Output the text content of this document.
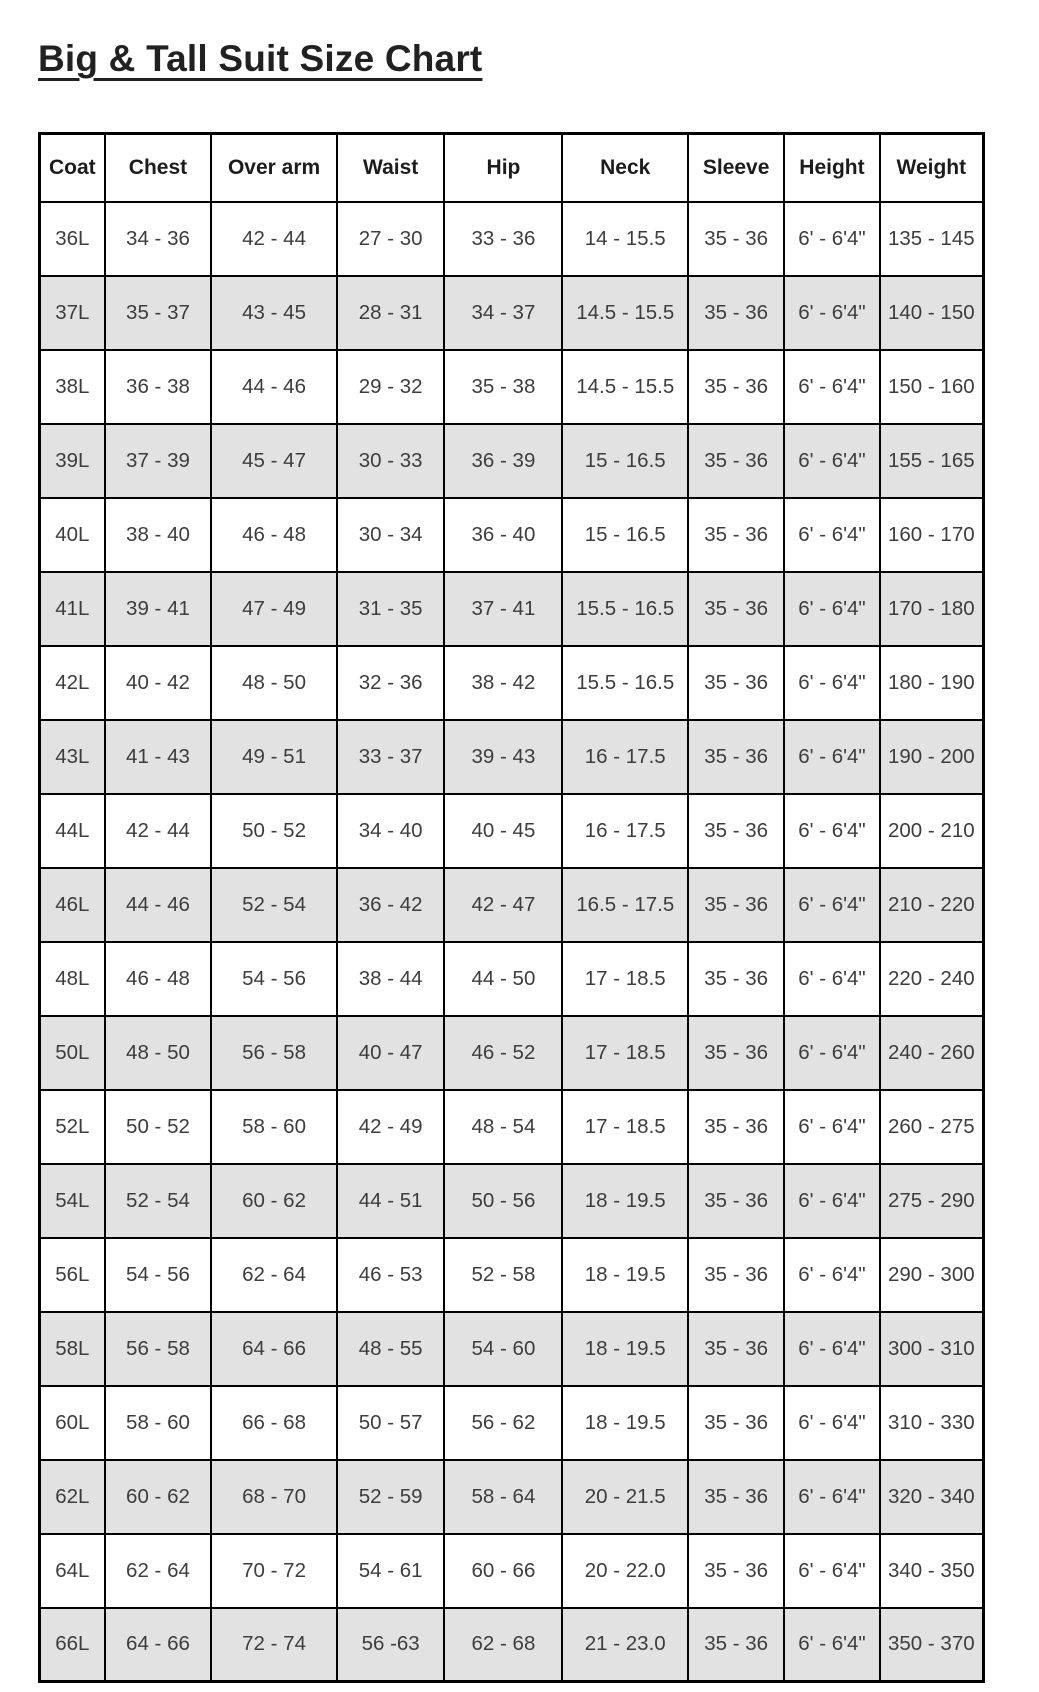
Big & Tall Suit Size Chart
Coat	Chest	Over arm	Waist	Hip	Neck	Sleeve	Height	Weight
36L	34 - 36	42 - 44	27 - 30	33 - 36	14 - 15.5	35 - 36	6' - 6'4"	135 - 145
37L	35 - 37	43 - 45	28 - 31	34 - 37	14.5 - 15.5	35 - 36	6' - 6'4"	140 - 150
38L	36 - 38	44 - 46	29 - 32	35 - 38	14.5 - 15.5	35 - 36	6' - 6'4"	150 - 160
39L	37 - 39	45 - 47	30 - 33	36 - 39	15 - 16.5	35 - 36	6' - 6'4"	155 - 165
40L	38 - 40	46 - 48	30 - 34	36 - 40	15 - 16.5	35 - 36	6' - 6'4"	160 - 170
41L	39 - 41	47 - 49	31 - 35	37 - 41	15.5 - 16.5	35 - 36	6' - 6'4"	170 - 180
42L	40 - 42	48 - 50	32 - 36	38 - 42	15.5 - 16.5	35 - 36	6' - 6'4"	180 - 190
43L	41 - 43	49 - 51	33 - 37	39 - 43	16 - 17.5	35 - 36	6' - 6'4"	190 - 200
44L	42 - 44	50 - 52	34 - 40	40 - 45	16 - 17.5	35 - 36	6' - 6'4"	200 - 210
46L	44 - 46	52 - 54	36 - 42	42 - 47	16.5 - 17.5	35 - 36	6' - 6'4"	210 - 220
48L	46 - 48	54 - 56	38 - 44	44 - 50	17 - 18.5	35 - 36	6' - 6'4"	220 - 240
50L	48 - 50	56 - 58	40 - 47	46 - 52	17 - 18.5	35 - 36	6' - 6'4"	240 - 260
52L	50 - 52	58 - 60	42 - 49	48 - 54	17 - 18.5	35 - 36	6' - 6'4"	260 - 275
54L	52 - 54	60 - 62	44 - 51	50 - 56	18 - 19.5	35 - 36	6' - 6'4"	275 - 290
56L	54 - 56	62 - 64	46 - 53	52 - 58	18 - 19.5	35 - 36	6' - 6'4"	290 - 300
58L	56 - 58	64 - 66	48 - 55	54 - 60	18 - 19.5	35 - 36	6' - 6'4"	300 - 310
60L	58 - 60	66 - 68	50 - 57	56 - 62	18 - 19.5	35 - 36	6' - 6'4"	310 - 330
62L	60 - 62	68 - 70	52 - 59	58 - 64	20 - 21.5	35 - 36	6' - 6'4"	320 - 340
64L	62 - 64	70 - 72	54 - 61	60 - 66	20 - 22.0	35 - 36	6' - 6'4"	340 - 350
66L	64 - 66	72 - 74	56 -63	62 - 68	21 - 23.0	35 - 36	6' - 6'4"	350 - 370
